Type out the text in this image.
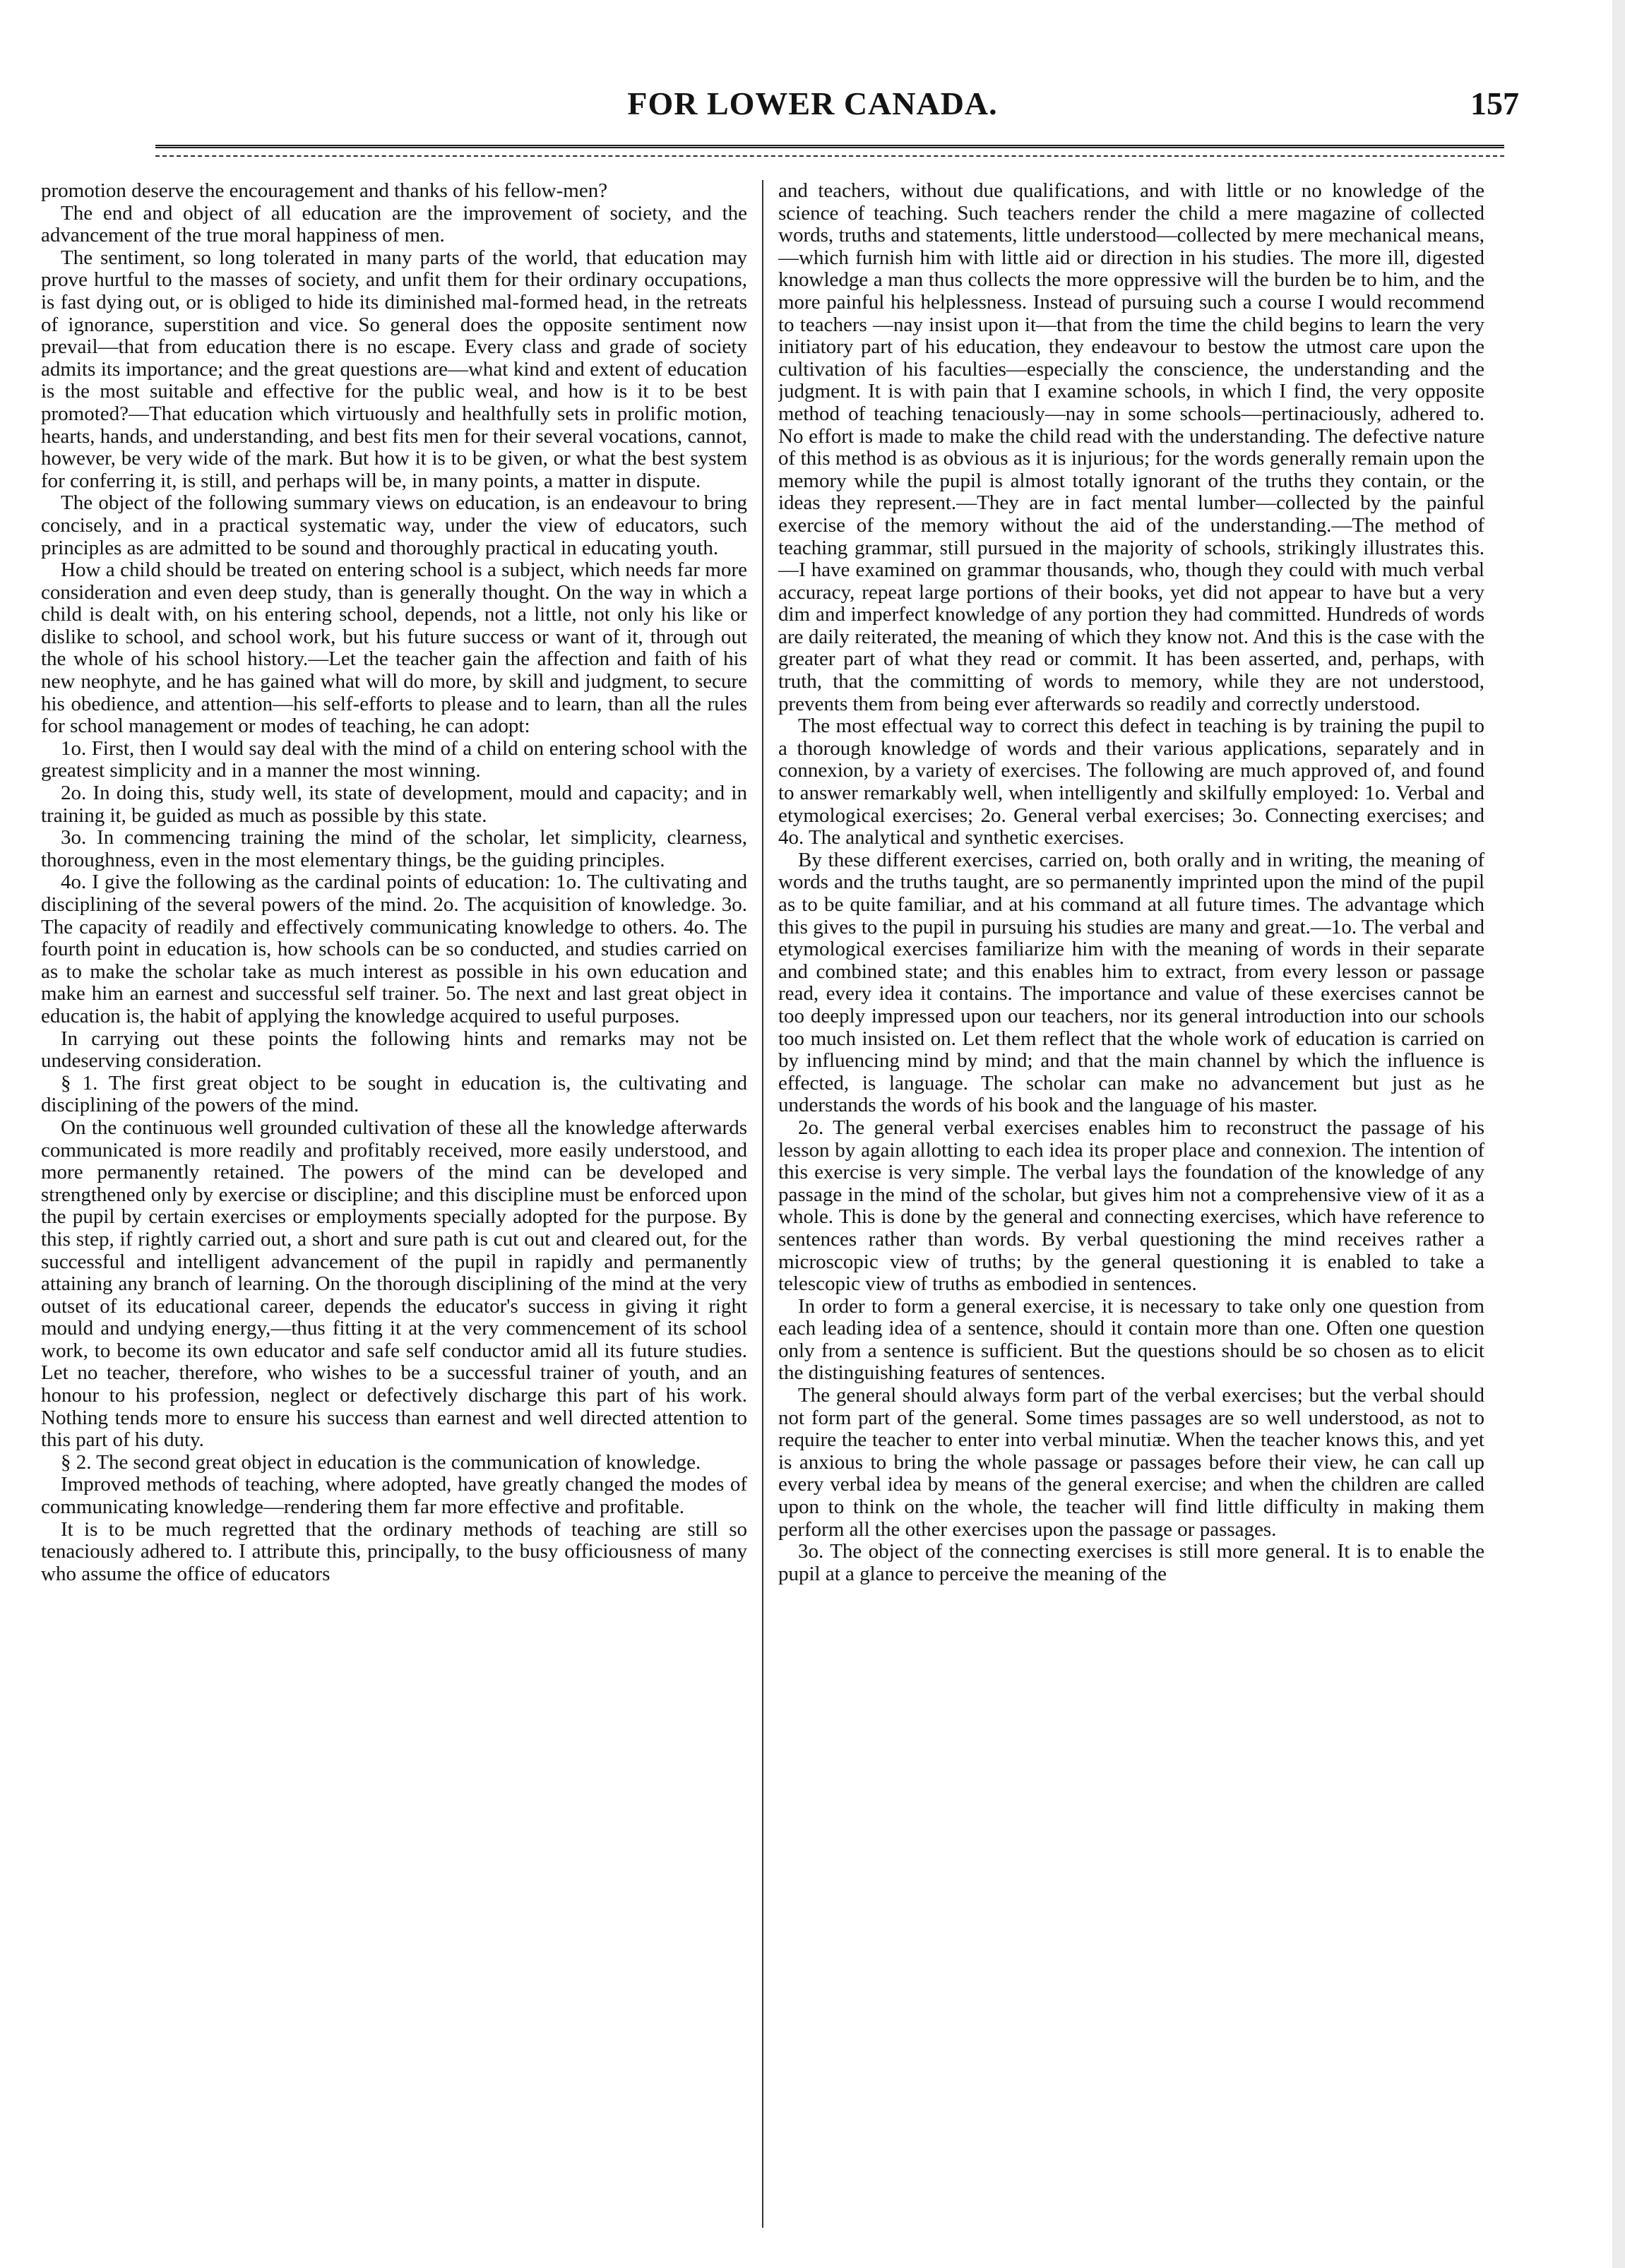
FOR LOWER CANADA.	157

promotion deserve the encouragement and thanks of his fellow-men?

The end and object of all education are the improvement of society, and the advancement of the true moral happiness of men.

The sentiment, so long tolerated in many parts of the world, that education may prove hurtful to the masses of society, and unfit them for their ordinary occupations, is fast dying out, or is obliged to hide its diminished mal-formed head, in the retreats of ignorance, superstition and vice. So general does the opposite sentiment now prevail—that from education there is no escape. Every class and grade of society admits its importance; and the great questions are—what kind and extent of education is the most suitable and effective for the public weal, and how is it to be best promoted?—That education which virtuously and healthfully sets in prolific motion, hearts, hands, and understanding, and best fits men for their several vocations, cannot, however, be very wide of the mark. But how it is to be given, or what the best system for conferring it, is still, and perhaps will be, in many points, a matter in dispute.

The object of the following summary views on education, is an endeavour to bring concisely, and in a practical systematic way, under the view of educators, such principles as are admitted to be sound and thoroughly practical in educating youth.

How a child should be treated on entering school is a subject, which needs far more consideration and even deep study, than is generally thought. On the way in which a child is dealt with, on his entering school, depends, not a little, not only his like or dislike to school, and school work, but his future success or want of it, through out the whole of his school history.—Let the teacher gain the affection and faith of his new neophyte, and he has gained what will do more, by skill and judgment, to secure his obedience, and attention—his self-efforts to please and to learn, than all the rules for school management or modes of teaching, he can adopt:

1o. First, then I would say deal with the mind of a child on entering school with the greatest simplicity and in a manner the most winning.

2o. In doing this, study well, its state of development, mould and capacity; and in training it, be guided as much as possible by this state.

3o. In commencing training the mind of the scholar, let simplicity, clearness, thoroughness, even in the most elementary things, be the guiding principles.

4o. I give the following as the cardinal points of education: 1o. The cultivating and disciplining of the several powers of the mind. 2o. The acquisition of knowledge. 3o. The capacity of readily and effectively communicating knowledge to others. 4o. The fourth point in education is, how schools can be so conducted, and studies carried on as to make the scholar take as much interest as possible in his own education and make him an earnest and successful self trainer. 5o. The next and last great object in education is, the habit of applying the knowledge acquired to useful purposes.

In carrying out these points the following hints and remarks may not be undeserving consideration.

§ 1. The first great object to be sought in education is, the cultivating and disciplining of the powers of the mind.

On the continuous well grounded cultivation of these all the knowledge afterwards communicated is more readily and profitably received, more easily understood, and more permanently retained. The powers of the mind can be developed and strengthened only by exercise or discipline; and this discipline must be enforced upon the pupil by certain exercises or employments specially adopted for the purpose. By this step, if rightly carried out, a short and sure path is cut out and cleared out, for the successful and intelligent advancement of the pupil in rapidly and permanently attaining any branch of learning. On the thorough disciplining of the mind at the very outset of its educational career, depends the educator's success in giving it right mould and undying energy,—thus fitting it at the very commencement of its school work, to become its own educator and safe self conductor amid all its future studies. Let no teacher, therefore, who wishes to be a successful trainer of youth, and an honour to his profession, neglect or defectively discharge this part of his work. Nothing tends more to ensure his success than earnest and well directed attention to this part of his duty.

§ 2. The second great object in education is the communication of knowledge.

Improved methods of teaching, where adopted, have greatly changed the modes of communicating knowledge—rendering them far more effective and profitable.

It is to be much regretted that the ordinary methods of teaching are still so tenaciously adhered to. I attribute this, principally, to the busy officiousness of many who assume the office of educators

and teachers, without due qualifications, and with little or no knowledge of the science of teaching. Such teachers render the child a mere magazine of collected words, truths and statements, little understood—collected by mere mechanical means,—which furnish him with little aid or direction in his studies. The more ill, digested knowledge a man thus collects the more oppressive will the burden be to him, and the more painful his helplessness. Instead of pursuing such a course I would recommend to teachers —nay insist upon it—that from the time the child begins to learn the very initiatory part of his education, they endeavour to bestow the utmost care upon the cultivation of his faculties—especially the conscience, the understanding and the judgment. It is with pain that I examine schools, in which I find, the very opposite method of teaching tenaciously—nay in some schools—pertinaciously, adhered to. No effort is made to make the child read with the understanding. The defective nature of this method is as obvious as it is injurious; for the words generally remain upon the memory while the pupil is almost totally ignorant of the truths they contain, or the ideas they represent.—They are in fact mental lumber—collected by the painful exercise of the memory without the aid of the understanding.—The method of teaching grammar, still pursued in the majority of schools, strikingly illustrates this.—I have examined on grammar thousands, who, though they could with much verbal accuracy, repeat large portions of their books, yet did not appear to have but a very dim and imperfect knowledge of any portion they had committed. Hundreds of words are daily reiterated, the meaning of which they know not. And this is the case with the greater part of what they read or commit. It has been asserted, and, perhaps, with truth, that the committing of words to memory, while they are not understood, prevents them from being ever afterwards so readily and correctly understood.

The most effectual way to correct this defect in teaching is by training the pupil to a thorough knowledge of words and their various applications, separately and in connexion, by a variety of exercises. The following are much approved of, and found to answer remarkably well, when intelligently and skilfully employed: 1o. Verbal and etymological exercises; 2o. General verbal exercises; 3o. Connecting exercises; and 4o. The analytical and synthetic exercises.

By these different exercises, carried on, both orally and in writing, the meaning of words and the truths taught, are so permanently imprinted upon the mind of the pupil as to be quite familiar, and at his command at all future times. The advantage which this gives to the pupil in pursuing his studies are many and great.—1o. The verbal and etymological exercises familiarize him with the meaning of words in their separate and combined state; and this enables him to extract, from every lesson or passage read, every idea it contains. The importance and value of these exercises cannot be too deeply impressed upon our teachers, nor its general introduction into our schools too much insisted on. Let them reflect that the whole work of education is carried on by influencing mind by mind; and that the main channel by which the influence is effected, is language. The scholar can make no advancement but just as he understands the words of his book and the language of his master.

2o. The general verbal exercises enables him to reconstruct the passage of his lesson by again allotting to each idea its proper place and connexion. The intention of this exercise is very simple. The verbal lays the foundation of the knowledge of any passage in the mind of the scholar, but gives him not a comprehensive view of it as a whole. This is done by the general and connecting exercises, which have reference to sentences rather than words. By verbal questioning the mind receives rather a microscopic view of truths; by the general questioning it is enabled to take a telescopic view of truths as embodied in sentences.

In order to form a general exercise, it is necessary to take only one question from each leading idea of a sentence, should it contain more than one. Often one question only from a sentence is sufficient. But the questions should be so chosen as to elicit the distinguishing features of sentences.

The general should always form part of the verbal exercises; but the verbal should not form part of the general. Some times passages are so well understood, as not to require the teacher to enter into verbal minutiæ. When the teacher knows this, and yet is anxious to bring the whole passage or passages before their view, he can call up every verbal idea by means of the general exercise; and when the children are called upon to think on the whole, the teacher will find little difficulty in making them perform all the other exercises upon the passage or passages.

3o. The object of the connecting exercises is still more general. It is to enable the pupil at a glance to perceive the meaning of the
